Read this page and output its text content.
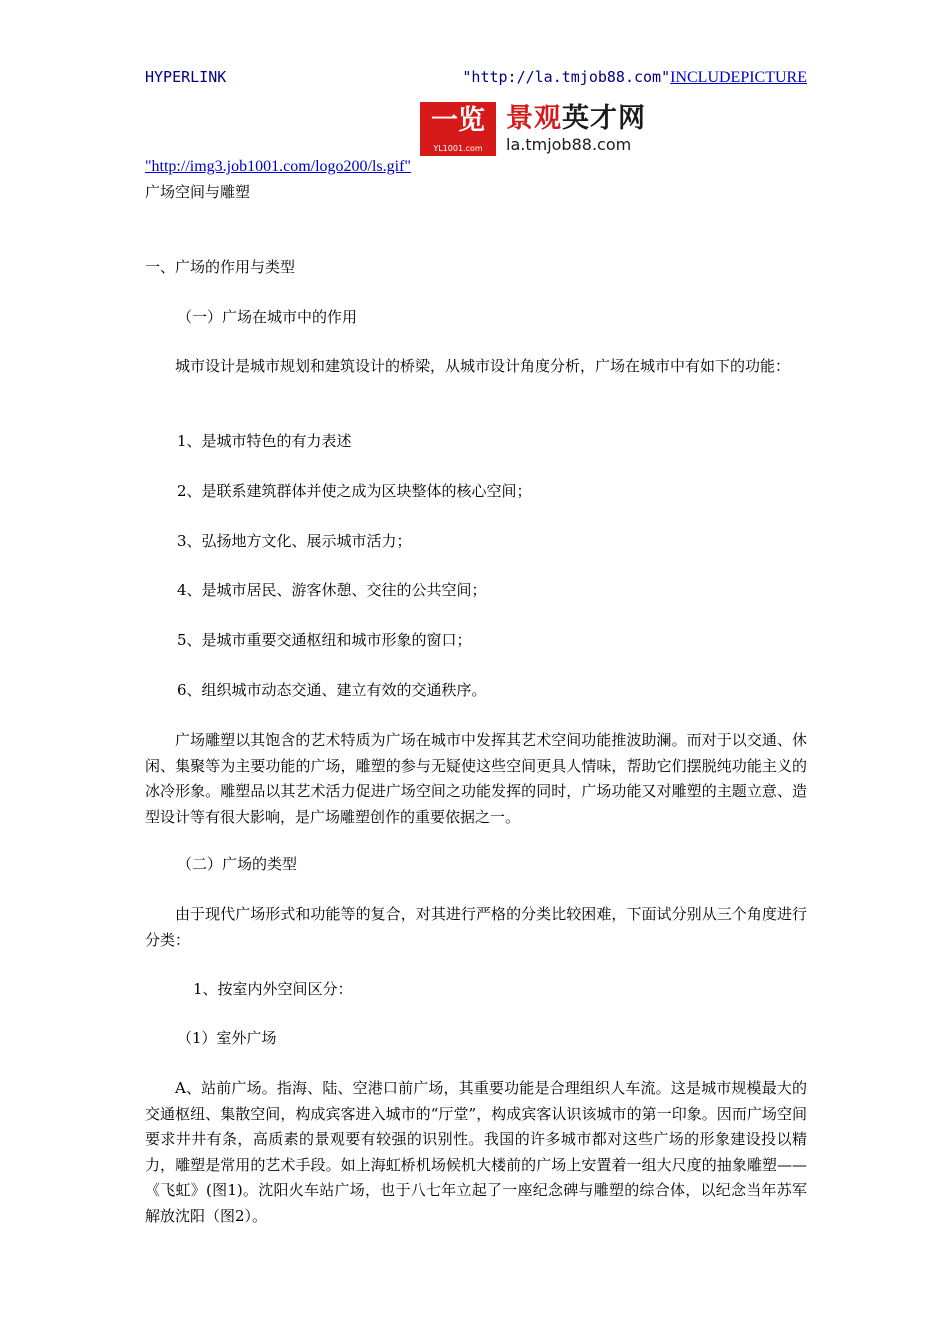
HYPERLINK	"http://la.tmjob88.com"INCLUDEPICTURE
一览
YL1001.com
景观英才网
la.tmjob88.com
"http://img3.job1001.com/logo200/ls.gif"
广场空间与雕塑
一、广场的作用与类型
（一）广场在城市中的作用
城市设计是城市规划和建筑设计的桥梁，从城市设计角度分析，广场在城市中有如下的功能：
1、是城市特色的有力表述
2、是联系建筑群体并使之成为区块整体的核心空间；
3、弘扬地方文化、展示城市活力；
4、是城市居民、游客休憩、交往的公共空间；
5、是城市重要交通枢纽和城市形象的窗口；
6、组织城市动态交通、建立有效的交通秩序。
广场雕塑以其饱含的艺术特质为广场在城市中发挥其艺术空间功能推波助澜。而对于以交通、休闲、集聚等为主要功能的广场，雕塑的参与无疑使这些空间更具人情味，帮助它们摆脱纯功能主义的冰冷形象。雕塑品以其艺术活力促进广场空间之功能发挥的同时，广场功能又对雕塑的主题立意、造型设计等有很大影响，是广场雕塑创作的重要依据之一。
（二）广场的类型
由于现代广场形式和功能等的复合，对其进行严格的分类比较困难，下面试分别从三个角度进行分类：
1、按室内外空间区分：
（1）室外广场
A、站前广场。指海、陆、空港口前广场，其重要功能是合理组织人车流。这是城市规模最大的交通枢纽、集散空间，构成宾客进入城市的“厅堂”，构成宾客认识该城市的第一印象。因而广场空间要求井井有条，高质素的景观要有较强的识别性。我国的许多城市都对这些广场的形象建设投以精力，雕塑是常用的艺术手段。如上海虹桥机场候机大楼前的广场上安置着一组大尺度的抽象雕塑——《飞虹》(图1)。沈阳火车站广场，也于八七年立起了一座纪念碑与雕塑的综合体，以纪念当年苏军解放沈阳（图2）。
